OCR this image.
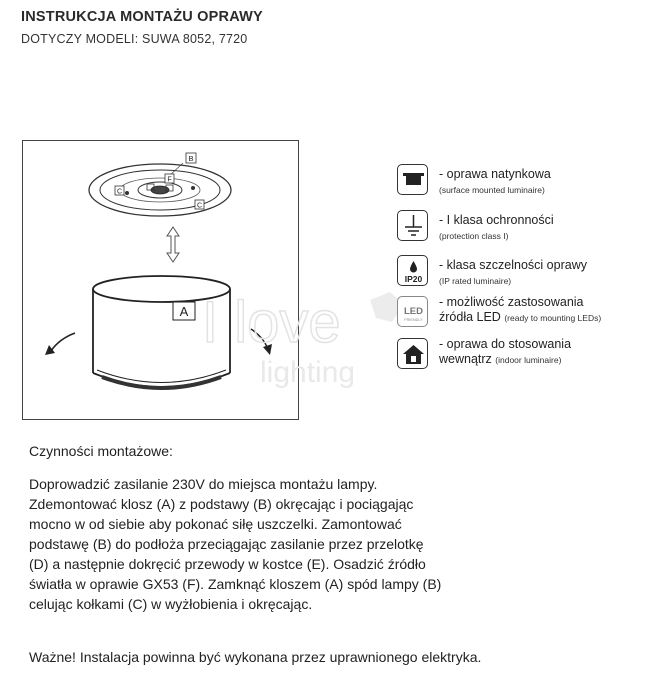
INSTRUKCJA MONTAŻU OPRAWY
DOTYCZY MODELI: SUWA 8052, 7720
B
C
C
F
A I love
lighting
- oprawa natynkowa
(surface mounted luminaire)
- I klasa ochronności
(protection class I)
IP20
- klasa szczelności oprawy
(IP rated luminaire)
LED
FRIENDLY
- możliwość zastosowania
źródła LED (ready to mounting LEDs)
- oprawa do stosowania
wewnątrz (indoor luminaire)
Czynności montażowe:
Doprowadzić zasilanie 230V do miejsca montażu lampy.
Zdemontować klosz (A) z podstawy (B) okręcając i pociągając
mocno w od siebie aby pokonać siłę uszczelki. Zamontować
podstawę (B) do podłoża przeciągając zasilanie przez przelotkę
(D) a następnie dokręcić przewody w kostce (E). Osadzić źródło
światła w oprawie GX53 (F). Zamknąć kloszem (A) spód lampy (B)
celując kołkami (C) w wyżłobienia i okręcając.
Ważne! Instalacja powinna być wykonana przez uprawnionego elektryka.
